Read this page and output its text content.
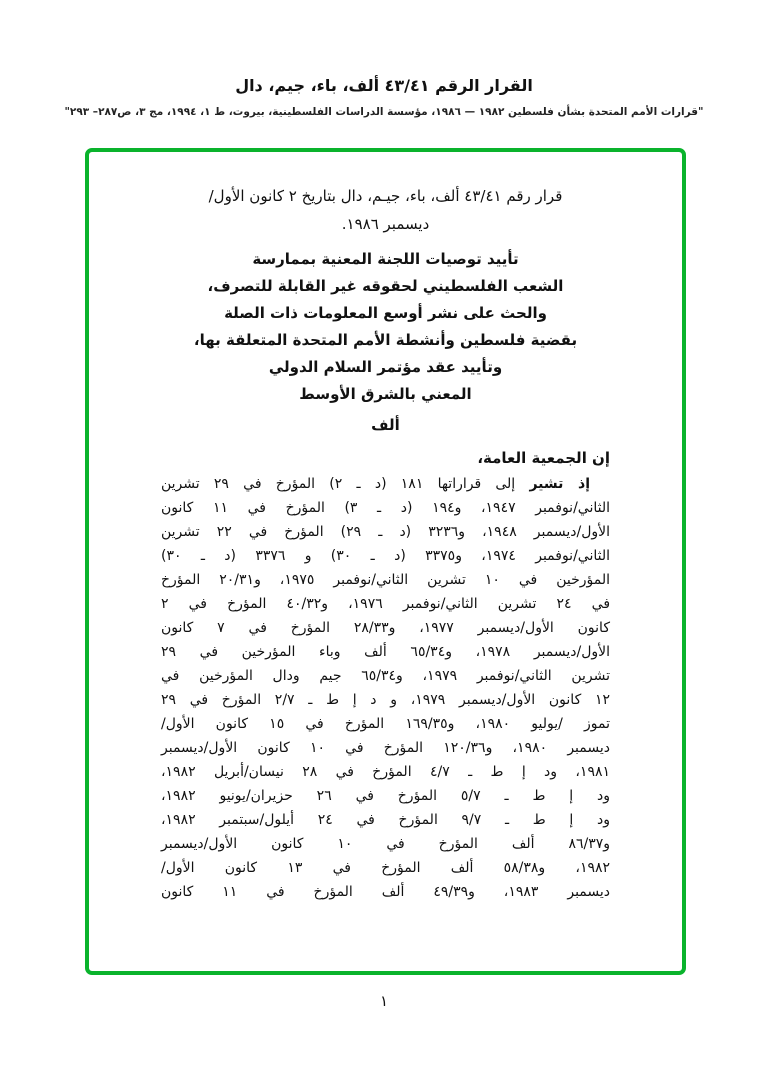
القرار الرقم ٤٣/٤١ ألف، باء، جيم، دال
"قرارات الأمم المتحدة بشأن فلسطين ١٩٨٢ — ١٩٨٦، مؤسسة الدراسات الفلسطينية، بيروت، ط ١، ١٩٩٤، مج ٣، ص٢٨٧– ٢٩٣"
قرار رقم ٤٣/٤١ ألف، باء، جيـم، دال بتاريخ ٢ كانون الأول/
ديسمبر ١٩٨٦.
تأييد توصيات اللجنة المعنية بممارسة
الشعب الفلسطيني لحقوقه غير القابلة للتصرف،
والحث على نشر أوسع المعلومات ذات الصلة
بقضية فلسطين وأنشطة الأمم المتحدة المتعلقة بها،
وتأييد عقد مؤتمر السلام الدولي
المعني بالشرق الأوسط
ألف
إن الجمعية العامة،
إذ تشير إلى قراراتها ١٨١ (د ـ ٢) المؤرخ في ٢٩ تشرين
الثاني/نوفمبر ١٩٤٧، و١٩٤ (د ـ ٣) المؤرخ في ١١ كانون
الأول/ديسمبر ١٩٤٨، و٣٢٣٦ (د ـ ٢٩) المؤرخ في ٢٢ تشرين
الثاني/نوفمبر ١٩٧٤، و٣٣٧٥ (د ـ ٣٠) و ٣٣٧٦ (د ـ ٣٠)
المؤرخين في ١٠ تشرين الثاني/نوفمبر ١٩٧٥، و٢٠/٣١ المؤرخ
في ٢٤ تشرين الثاني/نوفمبر ١٩٧٦، و٤٠/٣٢ المؤرخ في ٢
كانون الأول/ديسمبر ١٩٧٧، و٢٨/٣٣ المؤرخ في ٧ كانون
الأول/ديسمبر ١٩٧٨، و٦٥/٣٤ ألف وباء المؤرخين في ٢٩
تشرين الثاني/نوفمبر ١٩٧٩، و٦٥/٣٤ جيم ودال المؤرخين في
١٢ كانون الأول/ديسمبر ١٩٧٩، و د إ ط ـ ٢/٧ المؤرخ في ٢٩
تموز /يوليو ١٩٨٠، و١٦٩/٣٥ المؤرخ في ١٥ كانون الأول/
ديسمبر ١٩٨٠، و١٢٠/٣٦ المؤرخ في ١٠ كانون الأول/ديسمبر
١٩٨١، ود إ ط ـ ٤/٧ المؤرخ في ٢٨ نيسان/أبريل ١٩٨٢،
ود إ ط ـ ٥/٧ المؤرخ في ٢٦ حزيران/يونيو ١٩٨٢،
ود إ ط ـ ٩/٧ المؤرخ في ٢٤ أيلول/سبتمبر ١٩٨٢،
و٨٦/٣٧ ألف المؤرخ في ١٠ كانون الأول/ديسمبر
١٩٨٢، و٥٨/٣٨ ألف المؤرخ في ١٣ كانون الأول/
ديسمبر ١٩٨٣، و٤٩/٣٩ ألف المؤرخ في ١١ كانون
١
